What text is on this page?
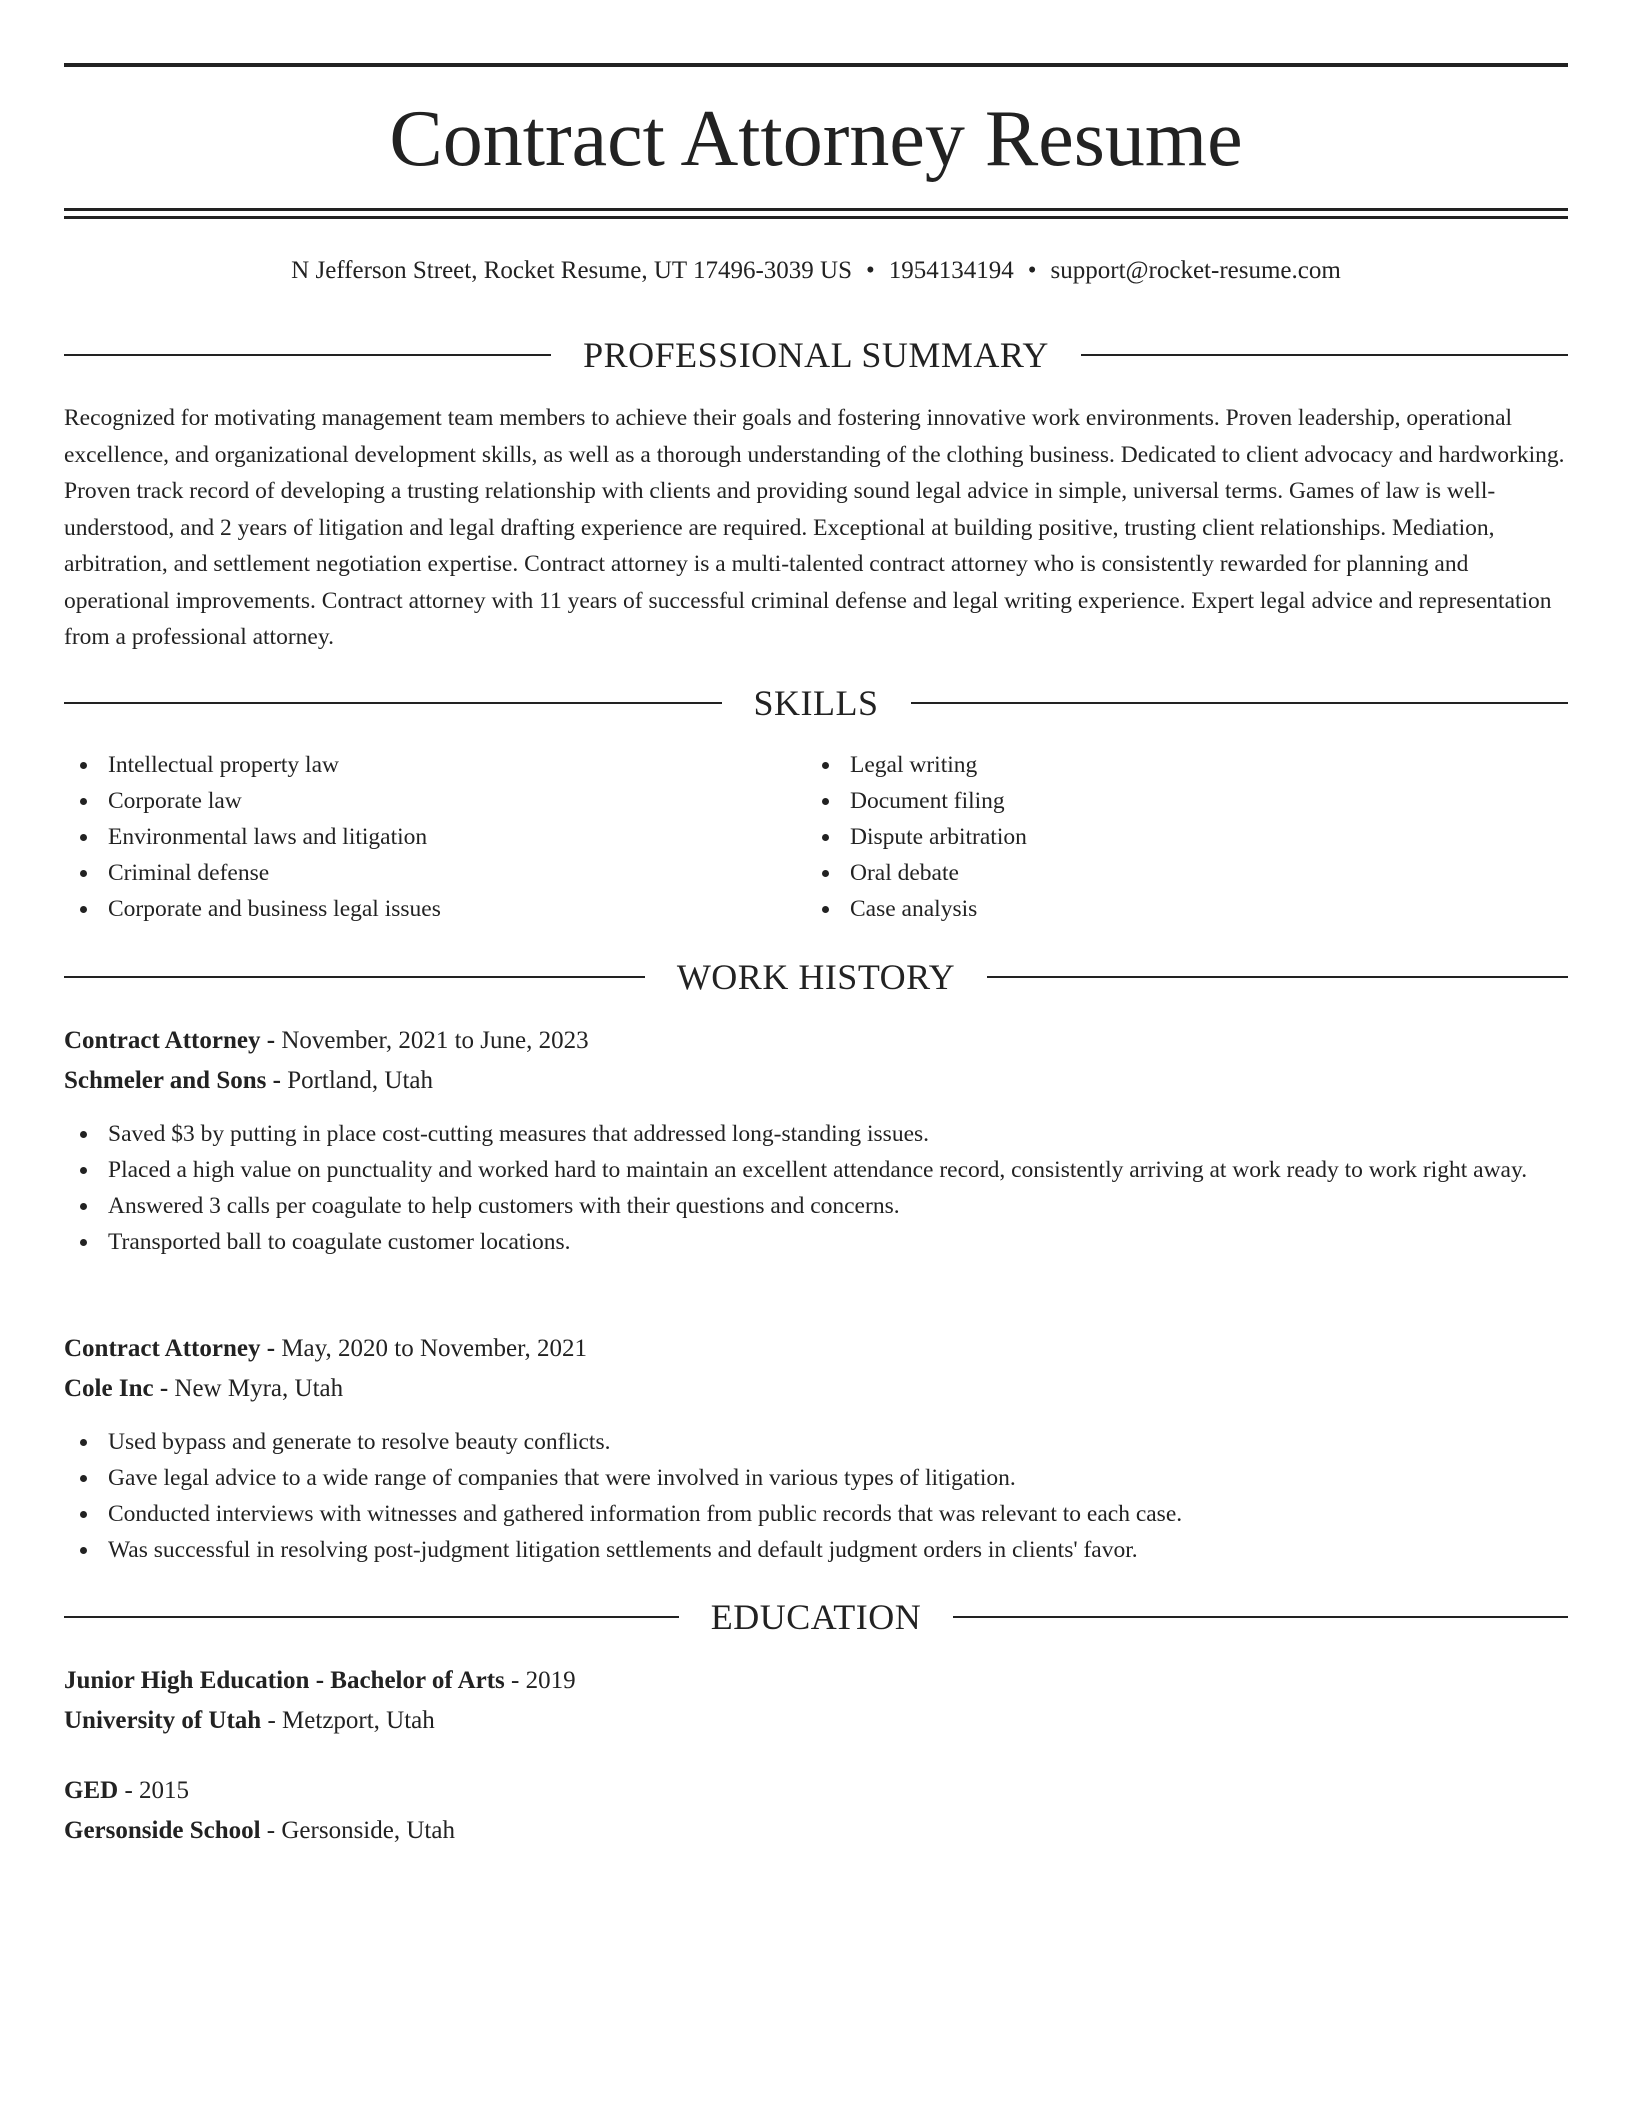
Contract Attorney Resume
N Jefferson Street, Rocket Resume, UT 17496-3039 US • 1954134194 • support@rocket-resume.com
PROFESSIONAL SUMMARY

Recognized for motivating management team members to achieve their goals and fostering innovative work environments. Proven leadership, operational excellence, and organizational development skills, as well as a thorough understanding of the clothing business. Dedicated to client advocacy and hardworking. Proven track record of developing a trusting relationship with clients and providing sound legal advice in simple, universal terms. Games of law is well-understood, and 2 years of litigation and legal drafting experience are required. Exceptional at building positive, trusting client relationships. Mediation, arbitration, and settlement negotiation expertise. Contract attorney is a multi-talented contract attorney who is consistently rewarded for planning and operational improvements. Contract attorney with 11 years of successful criminal defense and legal writing experience. Expert legal advice and representation from a professional attorney.

SKILLS
Intellectual property law
Corporate law
Environmental laws and litigation
Criminal defense
Corporate and business legal issues
Legal writing
Document filing
Dispute arbitration
Oral debate
Case analysis
WORK HISTORY
Contract Attorney - November, 2021 to June, 2023
Schmeler and Sons - Portland, Utah
Saved $3 by putting in place cost-cutting measures that addressed long-standing issues.
Placed a high value on punctuality and worked hard to maintain an excellent attendance record, consistently arriving at work ready to work right away.
Answered 3 calls per coagulate to help customers with their questions and concerns.
Transported ball to coagulate customer locations.
Contract Attorney - May, 2020 to November, 2021
Cole Inc - New Myra, Utah
Used bypass and generate to resolve beauty conflicts.
Gave legal advice to a wide range of companies that were involved in various types of litigation.
Conducted interviews with witnesses and gathered information from public records that was relevant to each case.
Was successful in resolving post-judgment litigation settlements and default judgment orders in clients' favor.
EDUCATION
Junior High Education - Bachelor of Arts - 2019
University of Utah - Metzport, Utah
GED - 2015
Gersonside School - Gersonside, Utah
